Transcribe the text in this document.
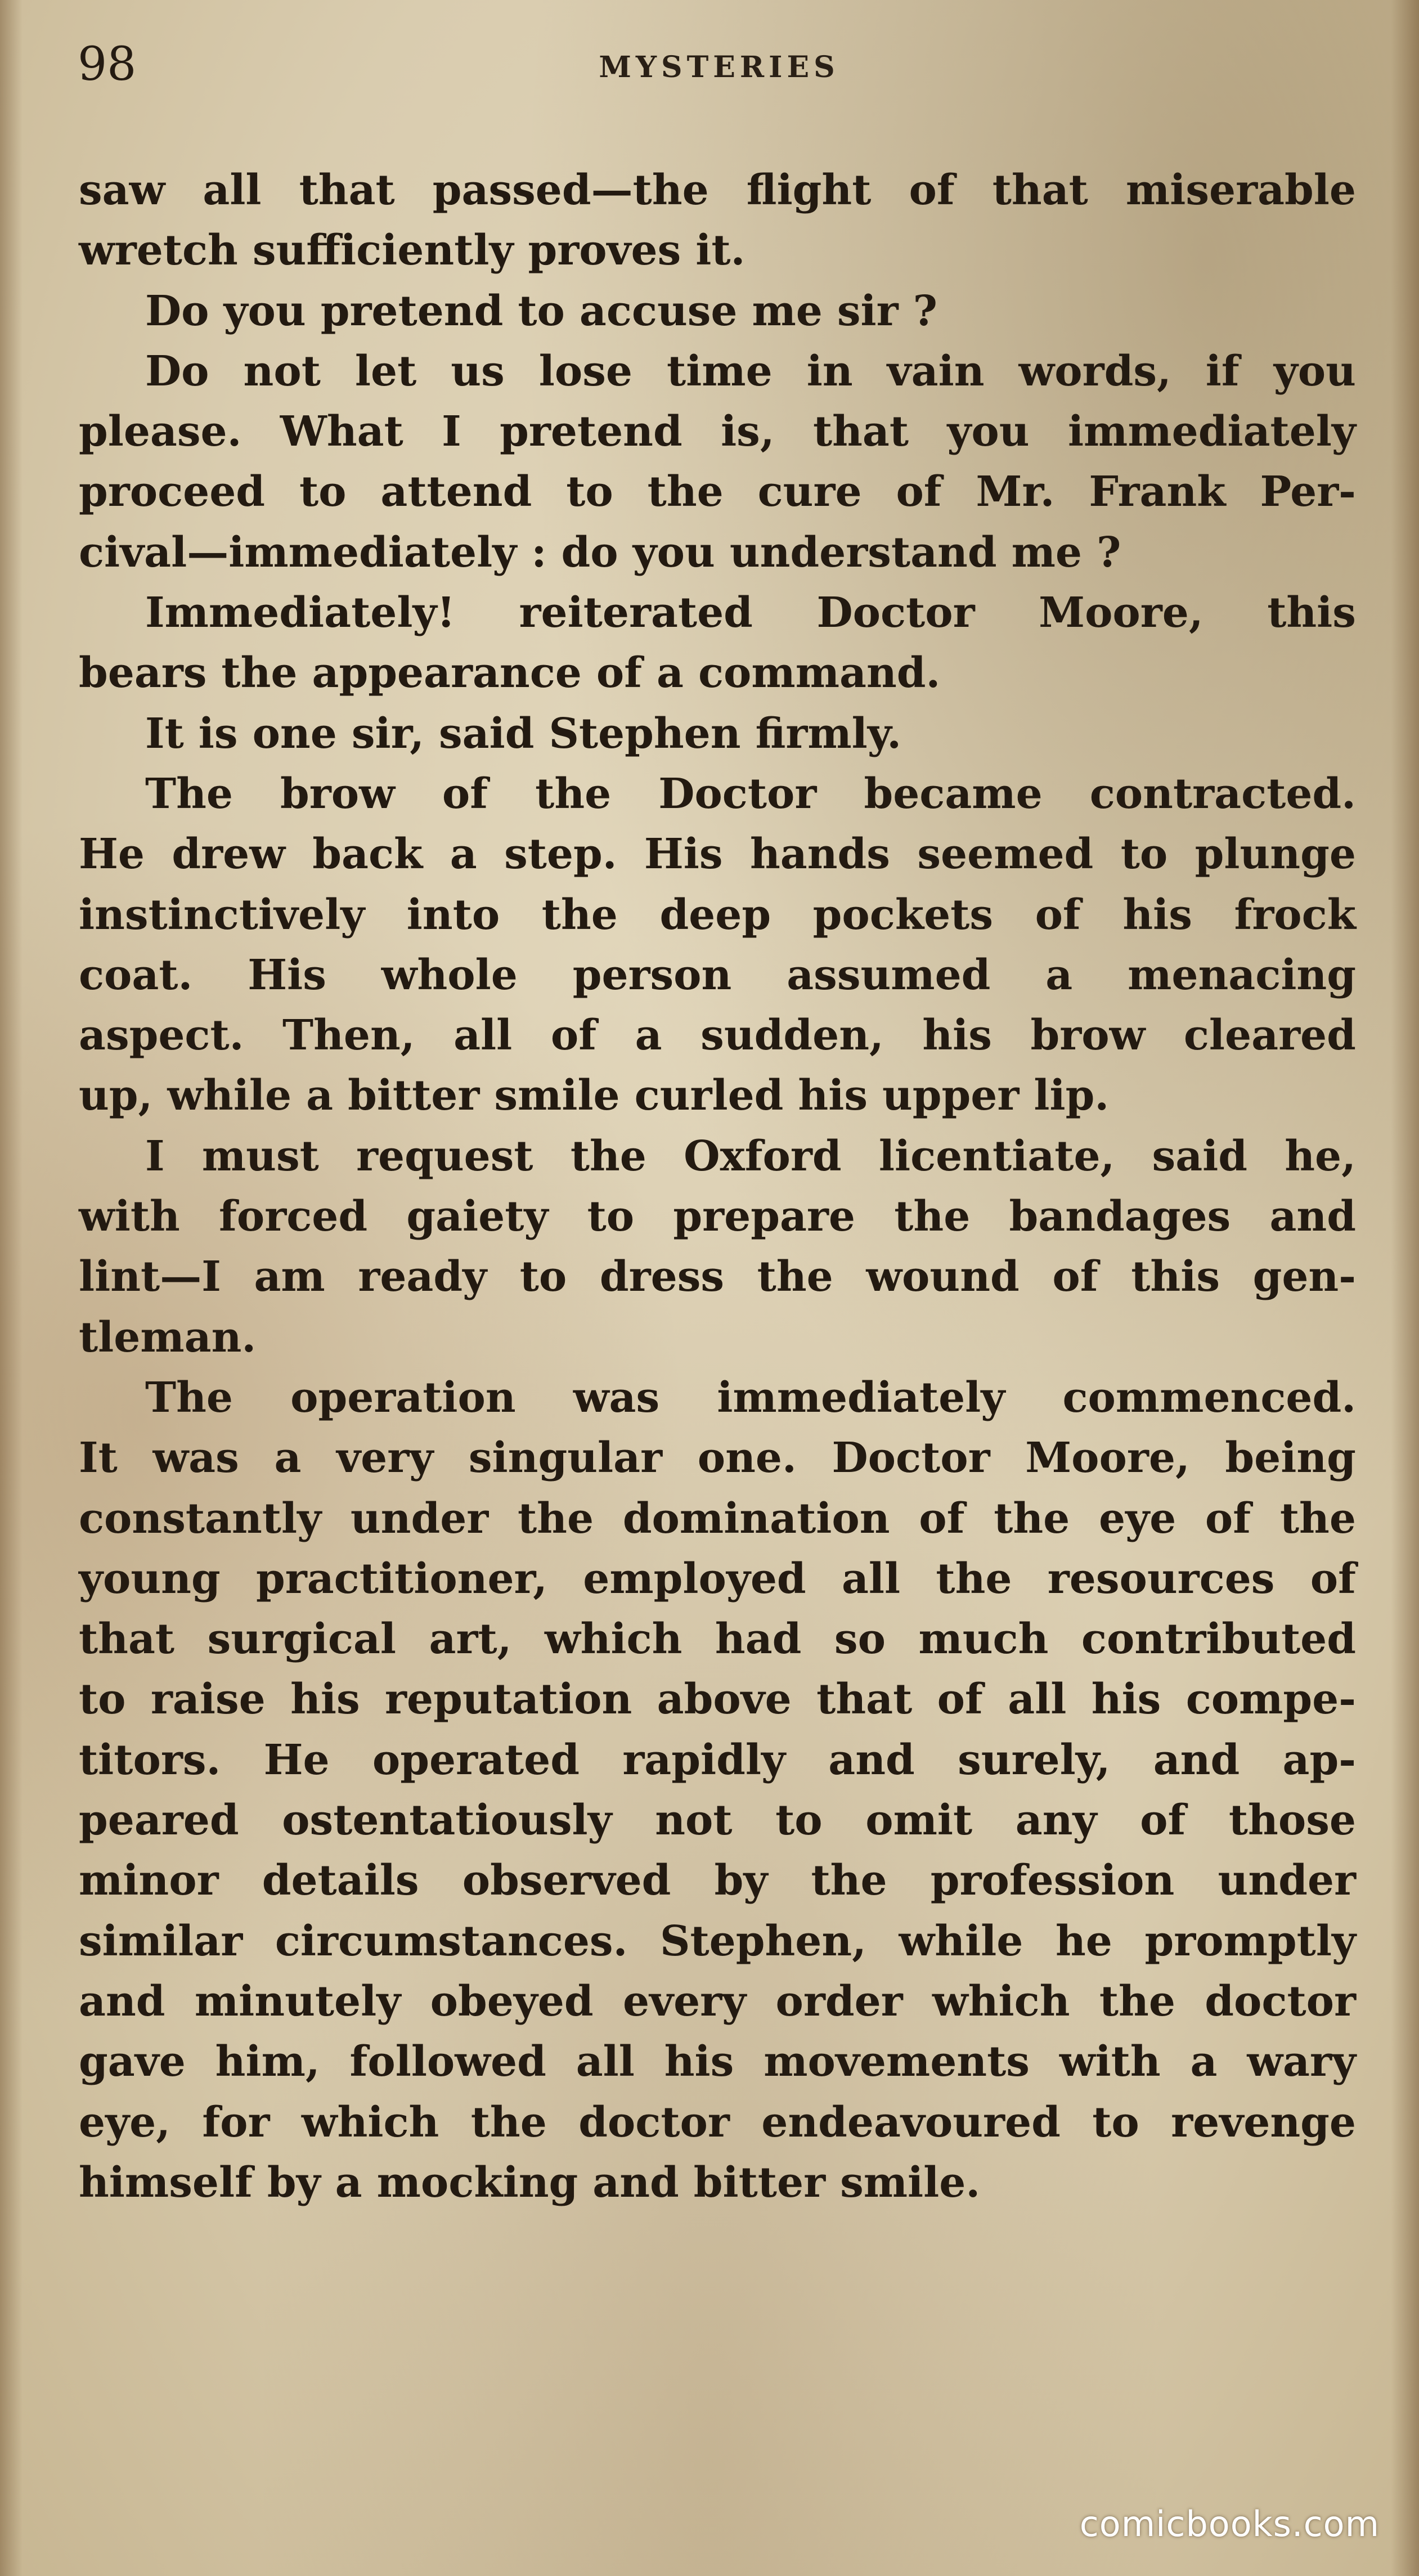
98	MYSTERIES
saw all that passed—the flight of that miserable
wretch sufficiently proves it.
Do you pretend to accuse me sir ?
Do not let us lose time in vain words, if you
please. What I pretend is, that you immediately
proceed to attend to the cure of Mr. Frank Per-
cival—immediately : do you understand me ?
Immediately! reiterated Doctor Moore, this
bears the appearance of a command.
It is one sir, said Stephen firmly.
The brow of the Doctor became contracted.
He drew back a step. His hands seemed to plunge
instinctively into the deep pockets of his frock
coat. His whole person assumed a menacing
aspect. Then, all of a sudden, his brow cleared
up, while a bitter smile curled his upper lip.
I must request the Oxford licentiate, said he,
with forced gaiety to prepare the bandages and
lint—I am ready to dress the wound of this gen-
tleman.
The operation was immediately commenced.
It was a very singular one. Doctor Moore, being
constantly under the domination of the eye of the
young practitioner, employed all the resources of
that surgical art, which had so much contributed
to raise his reputation above that of all his compe-
titors. He operated rapidly and surely, and ap-
peared ostentatiously not to omit any of those
minor details observed by the profession under
similar circumstances. Stephen, while he promptly
and minutely obeyed every order which the doctor
gave him, followed all his movements with a wary
eye, for which the doctor endeavoured to revenge
himself by a mocking and bitter smile.
comicbooks.com
